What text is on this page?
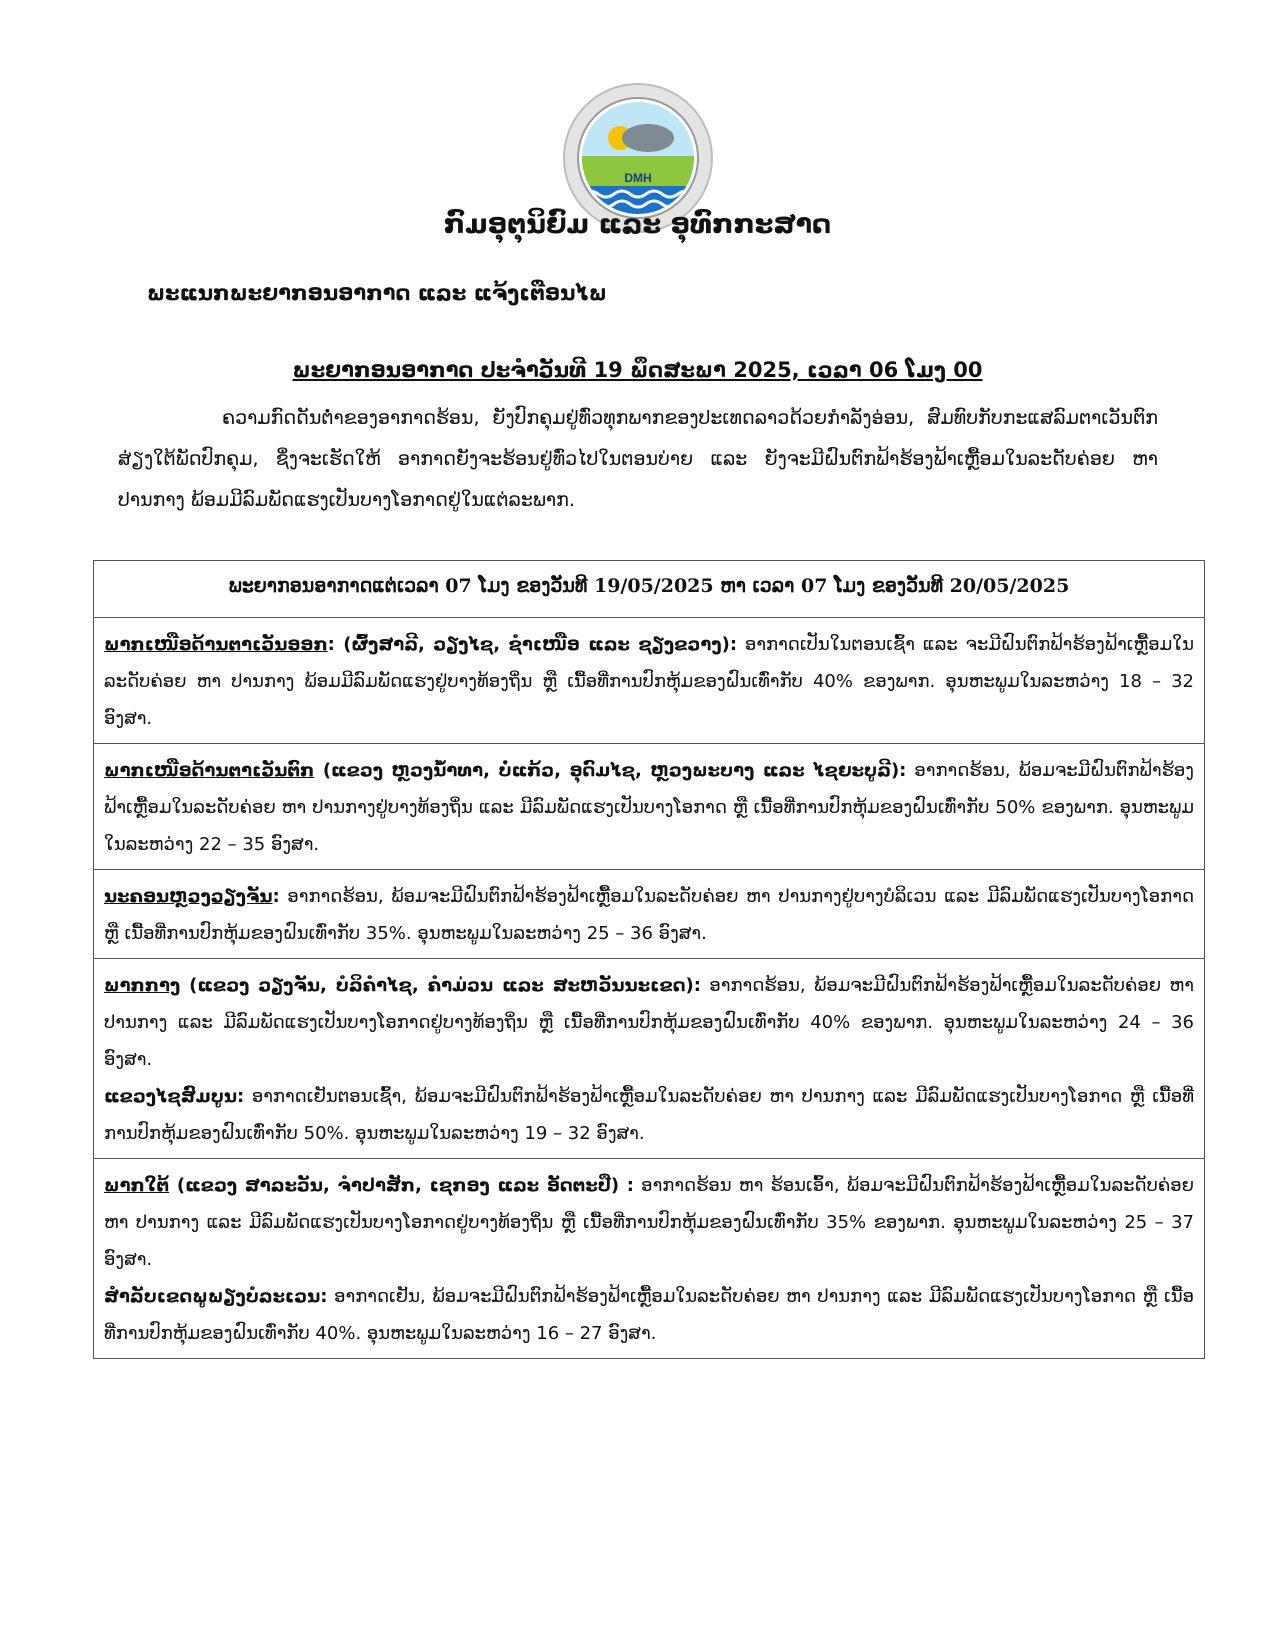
DMH
ກົມອຸຕຸນິຍົມ ແລະ ອຸທົກກະສາດ
ພະແນກພະຍາກອນອາກາດ ແລະ ແຈ້ງເຕືອນໄພ
ພະຍາກອນອາກາດ ປະຈຳວັນທີ 19 ພຶດສະພາ 2025, ເວລາ 06 ໂມງ 00
ຄວາມກົດດັນຕ່ຳຂອງອາກາດຮ້ອນ, ຍັງປົກຄຸມຢູ່ທົ່ວທຸກພາກຂອງປະເທດລາວດ້ວຍກຳລັງອ່ອນ, ສົມທົບກັບກະແສລົມຕາເວັນຕົກສ່ຽງໃຕ້ພັດປົກຄຸມ, ຊຶ່ງຈະເຮັດໃຫ້ ອາກາດຍັງຈະຮ້ອນຢູ່ທົ່ວໄປໃນຕອນບ່າຍ ແລະ ຍັງຈະມີຝົນຕົກຟ້າຮ້ອງຟ້າເຫຼື້ອມໃນລະດັບຄ່ອຍ ຫາ ປານກາງ ພ້ອມມີລົມພັດແຮງເປັນບາງໂອກາດຢູ່ໃນແຕ່ລະພາກ.
ພະຍາກອນອາກາດແຕ່ເວລາ 07 ໂມງ ຂອງວັນທີ 19/05/2025 ຫາ ເວລາ 07 ໂມງ ຂອງວັນທີ 20/05/2025
ພາກເໜືອດ້ານຕາເວັນອອກ: (ຜົ້ງສາລີ, ວຽງໄຊ, ຊຳເໜືອ ແລະ ຊຽງຂວາງ): ອາກາດເປັນໃນຕອນເຊົ້າ ແລະ ຈະມີຝົນຕົກຟ້າຮ້ອງຟ້າເຫຼື້ອມໃນລະດັບຄ່ອຍ ຫາ ປານກາງ ພ້ອມມີລົມພັດແຮງຢູ່ບາງທ້ອງຖິ່ນ ຫຼື ເນື້ອທີ່ການປົກຫຸ້ມຂອງຝົນເທົ່າກັບ 40% ຂອງພາກ. ອຸນຫະພູມໃນລະຫວ່າງ 18 – 32 ອົງສາ.
ພາກເໜືອດ້ານຕາເວັນຕົກ (ແຂວງ ຫຼວງນ້ຳທາ, ບໍ່ແກ້ວ, ອຸດົມໄຊ, ຫຼວງພະບາງ ແລະ ໄຊຍະບູລີ): ອາກາດຮ້ອນ, ພ້ອມຈະມີຝົນຕົກຟ້າຮ້ອງຟ້າເຫຼື້ອມໃນລະດັບຄ່ອຍ ຫາ ປານກາງຢູ່ບາງທ້ອງຖິ່ນ ແລະ ມີລົມພັດແຮງເປັນບາງໂອກາດ ຫຼື ເນື້ອທີ່ການປົກຫຸ້ມຂອງຝົນເທົ່າກັບ 50% ຂອງພາກ. ອຸນຫະພູມໃນລະຫວ່າງ 22 – 35 ອົງສາ.
ນະຄອນຫຼວງວຽງຈັນ: ອາກາດຮ້ອນ, ພ້ອມຈະມີຝົນຕົກຟ້າຮ້ອງຟ້າເຫຼື້ອມໃນລະດັບຄ່ອຍ ຫາ ປານກາງຢູ່ບາງບໍລິເວນ ແລະ ມີລົມພັດແຮງເປັນບາງໂອກາດ ຫຼື ເນື້ອທີ່ການປົກຫຸ້ມຂອງຝົນເທົ່າກັບ 35%. ອຸນຫະພູມໃນລະຫວ່າງ 25 – 36 ອົງສາ.
ພາກກາງ (ແຂວງ ວຽງຈັນ, ບໍລິຄຳໄຊ, ຄຳມ່ວນ ແລະ ສະຫວັນນະເຂດ): ອາກາດຮ້ອນ, ພ້ອມຈະມີຝົນຕົກຟ້າຮ້ອງຟ້າເຫຼື້ອມໃນລະດັບຄ່ອຍ ຫາ ປານກາງ ແລະ ມີລົມພັດແຮງເປັນບາງໂອກາດຢູ່ບາງທ້ອງຖິ່ນ ຫຼື ເນື້ອທີ່ການປົກຫຸ້ມຂອງຝົນເທົ່າກັບ 40% ຂອງພາກ. ອຸນຫະພູມໃນລະຫວ່າງ 24 – 36 ອົງສາ.
ແຂວງໄຊສົມບູນ: ອາກາດເຢັນຕອນເຊົ້າ, ພ້ອມຈະມີຝົນຕົກຟ້າຮ້ອງຟ້າເຫຼື້ອມໃນລະດັບຄ່ອຍ ຫາ ປານກາງ ແລະ ມີລົມພັດແຮງເປັນບາງໂອກາດ ຫຼື ເນື້ອທີ່ການປົກຫຸ້ມຂອງຝົນເທົ່າກັບ 50%. ອຸນຫະພູມໃນລະຫວ່າງ 19 – 32 ອົງສາ.
ພາກໃຕ້ (ແຂວງ ສາລະວັນ, ຈຳປາສັກ, ເຊກອງ ແລະ ອັດຕະປື) : ອາກາດຮ້ອນ ຫາ ຮ້ອນເອົ້າ, ພ້ອມຈະມີຝົນຕົກຟ້າຮ້ອງຟ້າເຫຼື້ອມໃນລະດັບຄ່ອຍ ຫາ ປານກາງ ແລະ ມີລົມພັດແຮງເປັນບາງໂອກາດຢູ່ບາງທ້ອງຖິ່ນ ຫຼື ເນື້ອທີ່ການປົກຫຸ້ມຂອງຝົນເທົ່າກັບ 35% ຂອງພາກ. ອຸນຫະພູມໃນລະຫວ່າງ 25 – 37 ອົງສາ.
ສຳລັບເຂດພູພຽງບໍລະເວນ: ອາກາດເຢັນ, ພ້ອມຈະມີຝົນຕົກຟ້າຮ້ອງຟ້າເຫຼື້ອມໃນລະດັບຄ່ອຍ ຫາ ປານກາງ ແລະ ມີລົມພັດແຮງເປັນບາງໂອກາດ ຫຼື ເນື້ອທີ່ການປົກຫຸ້ມຂອງຝົນເທົ່າກັບ 40%. ອຸນຫະພູມໃນລະຫວ່າງ 16 – 27 ອົງສາ.
